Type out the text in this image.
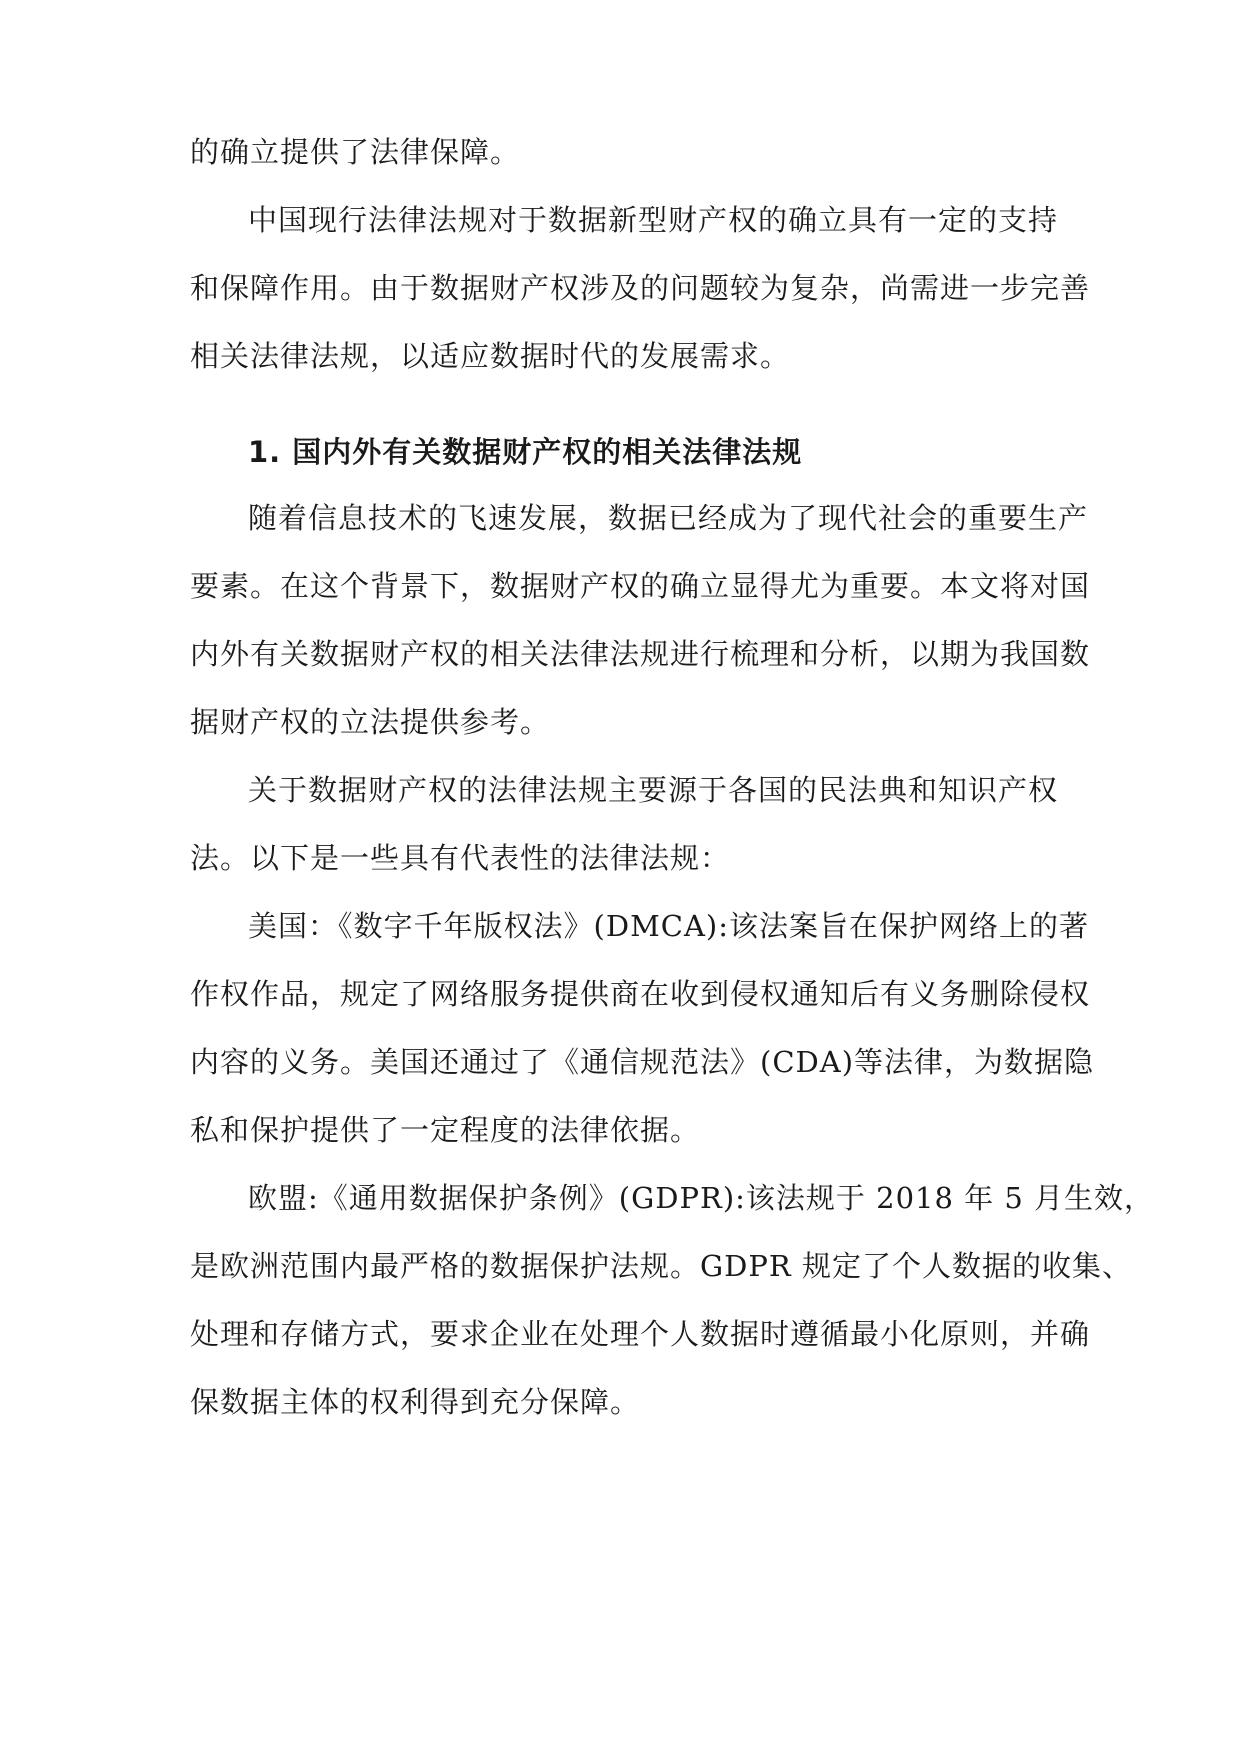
的确立提供了法律保障。

中国现行法律法规对于数据新型财产权的确立具有一定的支持

和保障作用。由于数据财产权涉及的问题较为复杂，尚需进一步完善

相关法律法规，以适应数据时代的发展需求。

1. 国内外有关数据财产权的相关法律法规

随着信息技术的飞速发展，数据已经成为了现代社会的重要生产

要素。在这个背景下，数据财产权的确立显得尤为重要。本文将对国

内外有关数据财产权的相关法律法规进行梳理和分析，以期为我国数

据财产权的立法提供参考。

关于数据财产权的法律法规主要源于各国的民法典和知识产权

法。以下是一些具有代表性的法律法规：

美国：《数字千年版权法》(DMCA):该法案旨在保护网络上的著

作权作品，规定了网络服务提供商在收到侵权通知后有义务删除侵权

内容的义务。美国还通过了《通信规范法》(CDA)等法律，为数据隐

私和保护提供了一定程度的法律依据。

欧盟:《通用数据保护条例》(GDPR):该法规于 2018 年 5 月生效，

是欧洲范围内最严格的数据保护法规。GDPR 规定了个人数据的收集、

处理和存储方式，要求企业在处理个人数据时遵循最小化原则，并确

保数据主体的权利得到充分保障。
